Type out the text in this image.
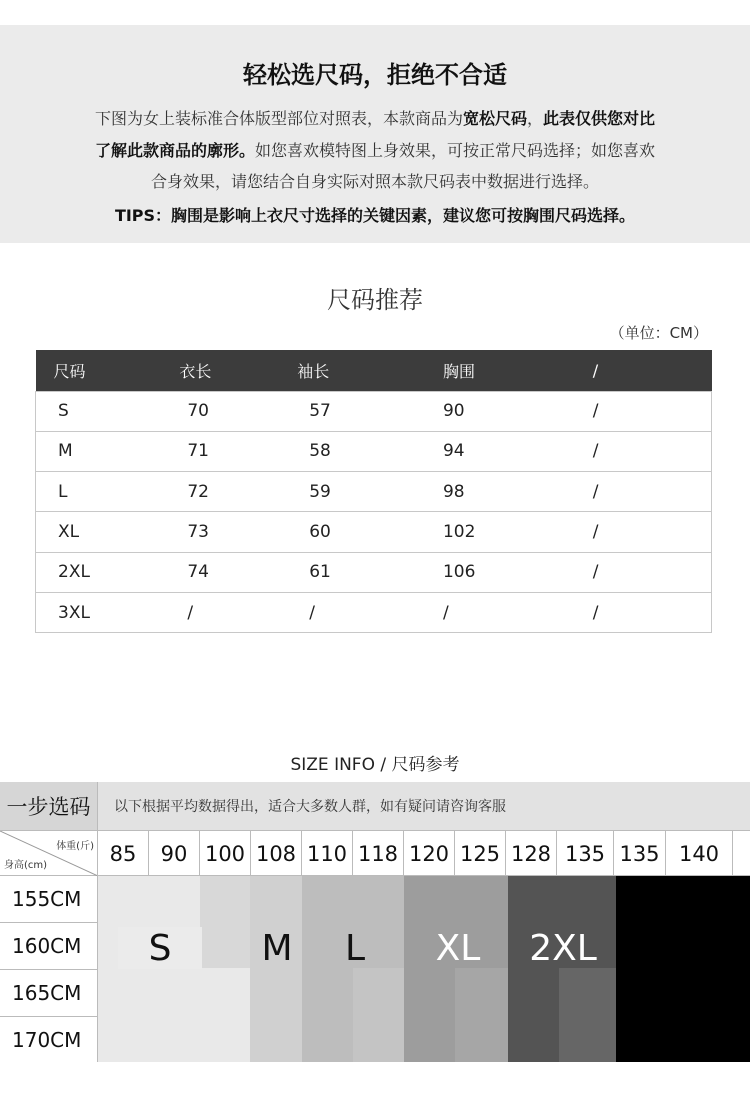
轻松选尺码，拒绝不合适
下图为女上装标准合体版型部位对照表，本款商品为宽松尺码，此表仅供您对比
了解此款商品的廓形。如您喜欢模特图上身效果，可按正常尺码选择；如您喜欢
合身效果，请您结合自身实际对照本款尺码表中数据进行选择。
TIPS：胸围是影响上衣尺寸选择的关键因素，建议您可按胸围尺码选择。
尺码推荐
（单位：CM）
尺码	衣长	袖长	胸围	/
S	70	57	90	/
M	71	58	94	/
L	72	59	98	/
XL	73	60	102	/
2XL	74	61	106	/
3XL	/	/	/	/
SIZE INFO / 尺码参考
一步选码	以下根据平均数据得出，适合大多数人群，如有疑问请咨询客服
体重(斤)
身高(cm)	85	90 100 108 110 118 120 125 128 135 135 140
S	M	L	XL	2XL
155CM
160CM
165CM
170CM
